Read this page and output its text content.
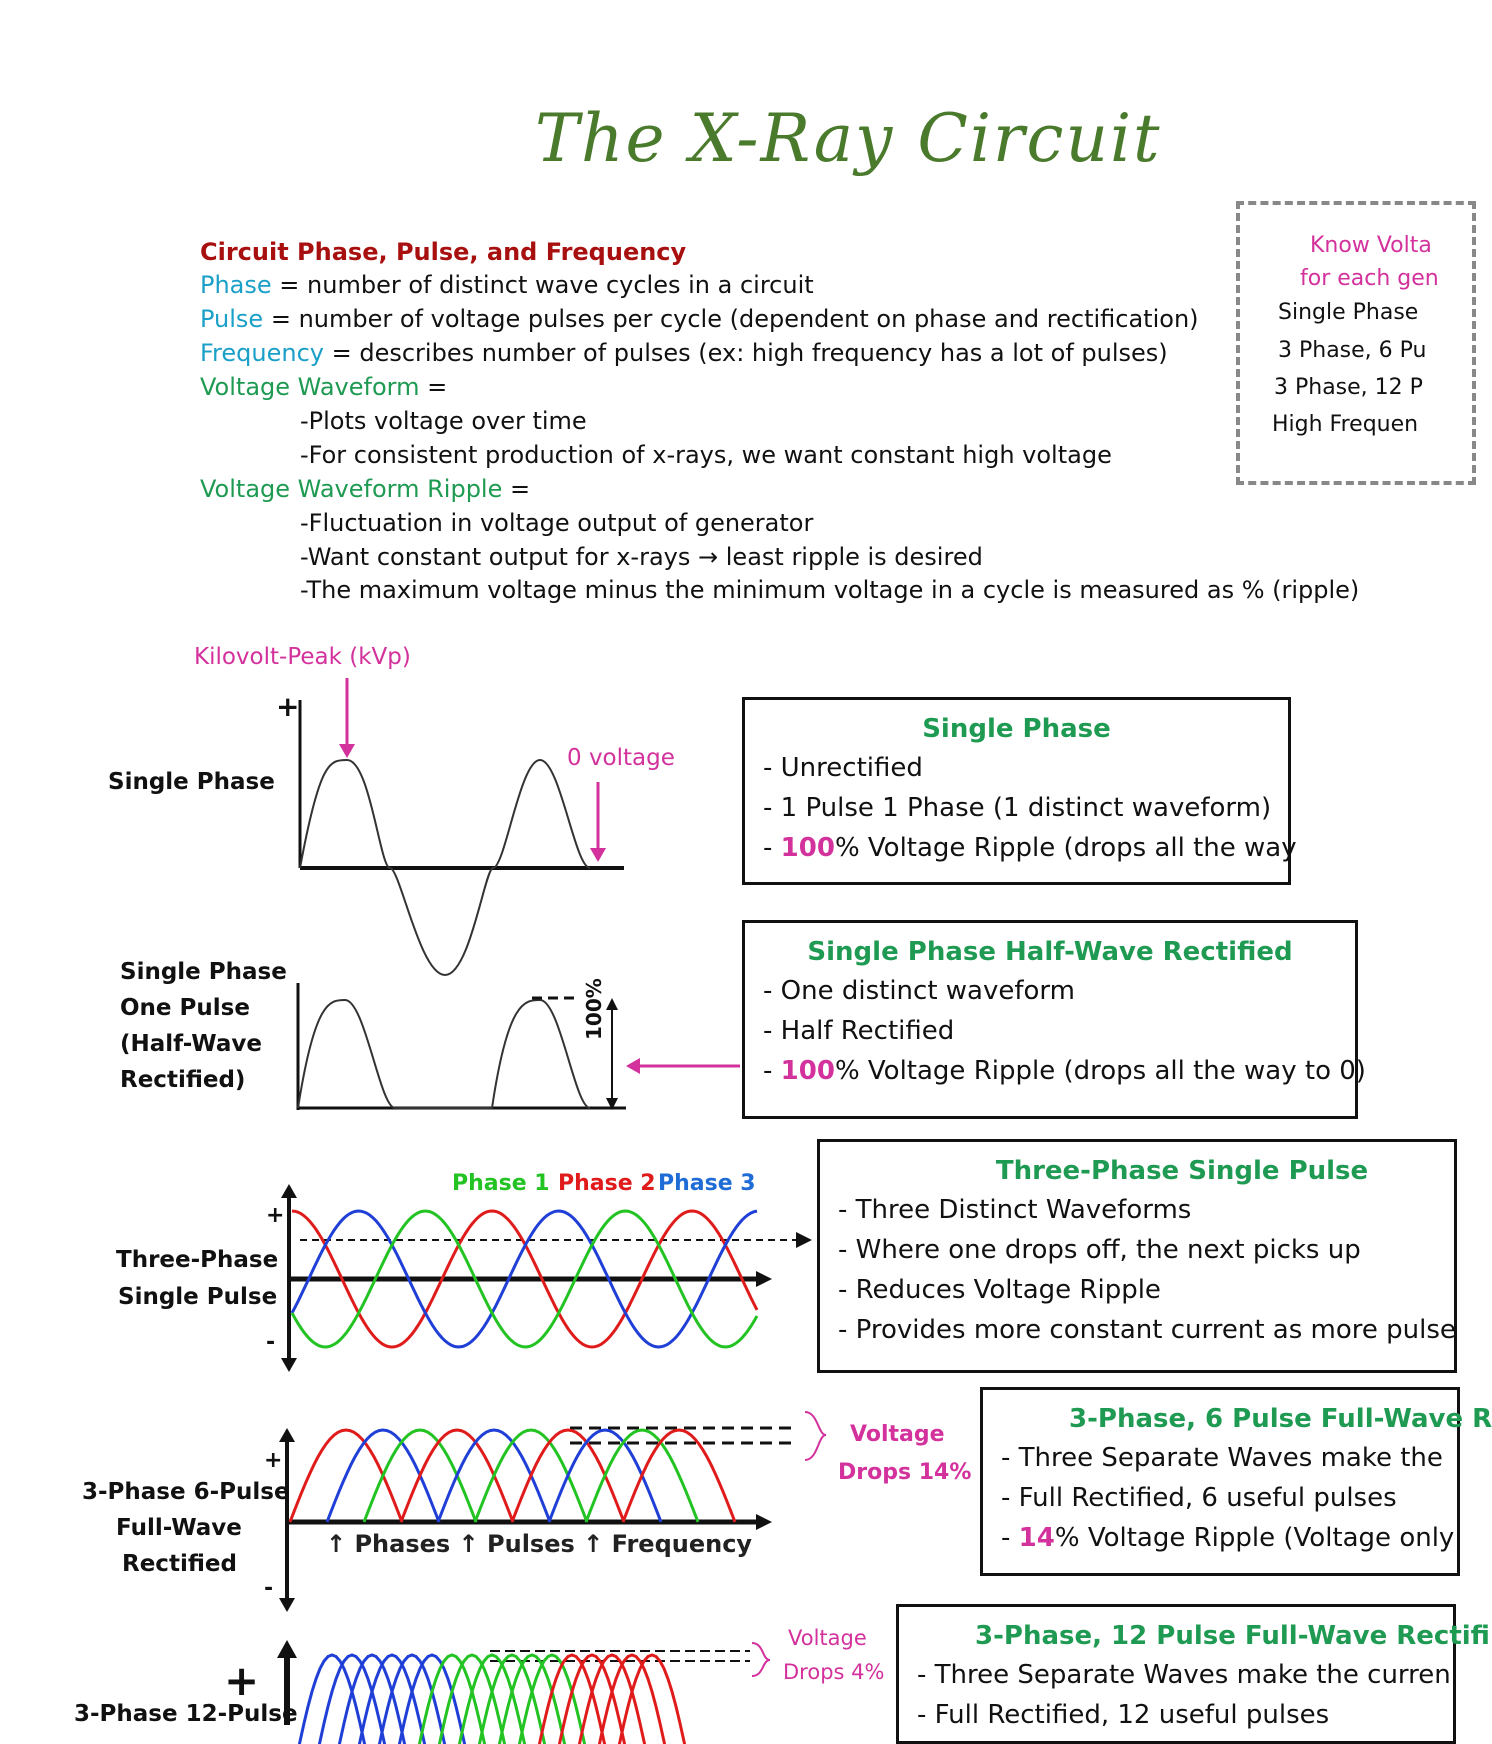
The X-Ray Circuit
Circuit Phase, Pulse, and Frequency
Phase = number of distinct wave cycles in a circuit
Pulse = number of voltage pulses per cycle (dependent on phase and rectification)
Frequency = describes number of pulses (ex: high frequency has a lot of pulses)
Voltage Waveform =
-Plots voltage over time
-For consistent production of x-rays, we want constant high voltage
Voltage Waveform Ripple =
-Fluctuation in voltage output of generator
-Want constant output for x-rays → least ripple is desired
-The maximum voltage minus the minimum voltage in a cycle is measured as % (ripple)
Know Volta
for each gen
Single Phase
3 Phase, 6 Pu
3 Phase, 12 P
High Frequen
Kilovolt-Peak (kVp)
0 voltage
+
Single Phase
Single Phase
One Pulse
(Half-Wave
Rectified)
100%
Three-Phase
Single Pulse
Phase 1 Phase 2 Phase 3
+
-
3-Phase 6-Pulse
Full-Wave
Rectified
+
-
Voltage
Drops 14%
↑ Phases ↑ Pulses ↑ Frequency
3-Phase 12-Pulse
+
Voltage
Drops 4%
Single Phase
- Unrectified
- 1 Pulse 1 Phase (1 distinct waveform)
- 100% Voltage Ripple (drops all the way
Single Phase Half-Wave Rectified
- One distinct waveform
- Half Rectified
- 100% Voltage Ripple (drops all the way to 0)
Three-Phase Single Pulse
- Three Distinct Waveforms
- Where one drops off, the next picks up
- Reduces Voltage Ripple
- Provides more constant current as more pulse
3-Phase, 6 Pulse Full-Wave R
- Three Separate Waves make the
- Full Rectified, 6 useful pulses
- 14% Voltage Ripple (Voltage only
3-Phase, 12 Pulse Full-Wave Rectifi
- Three Separate Waves make the curren
- Full Rectified, 12 useful pulses
